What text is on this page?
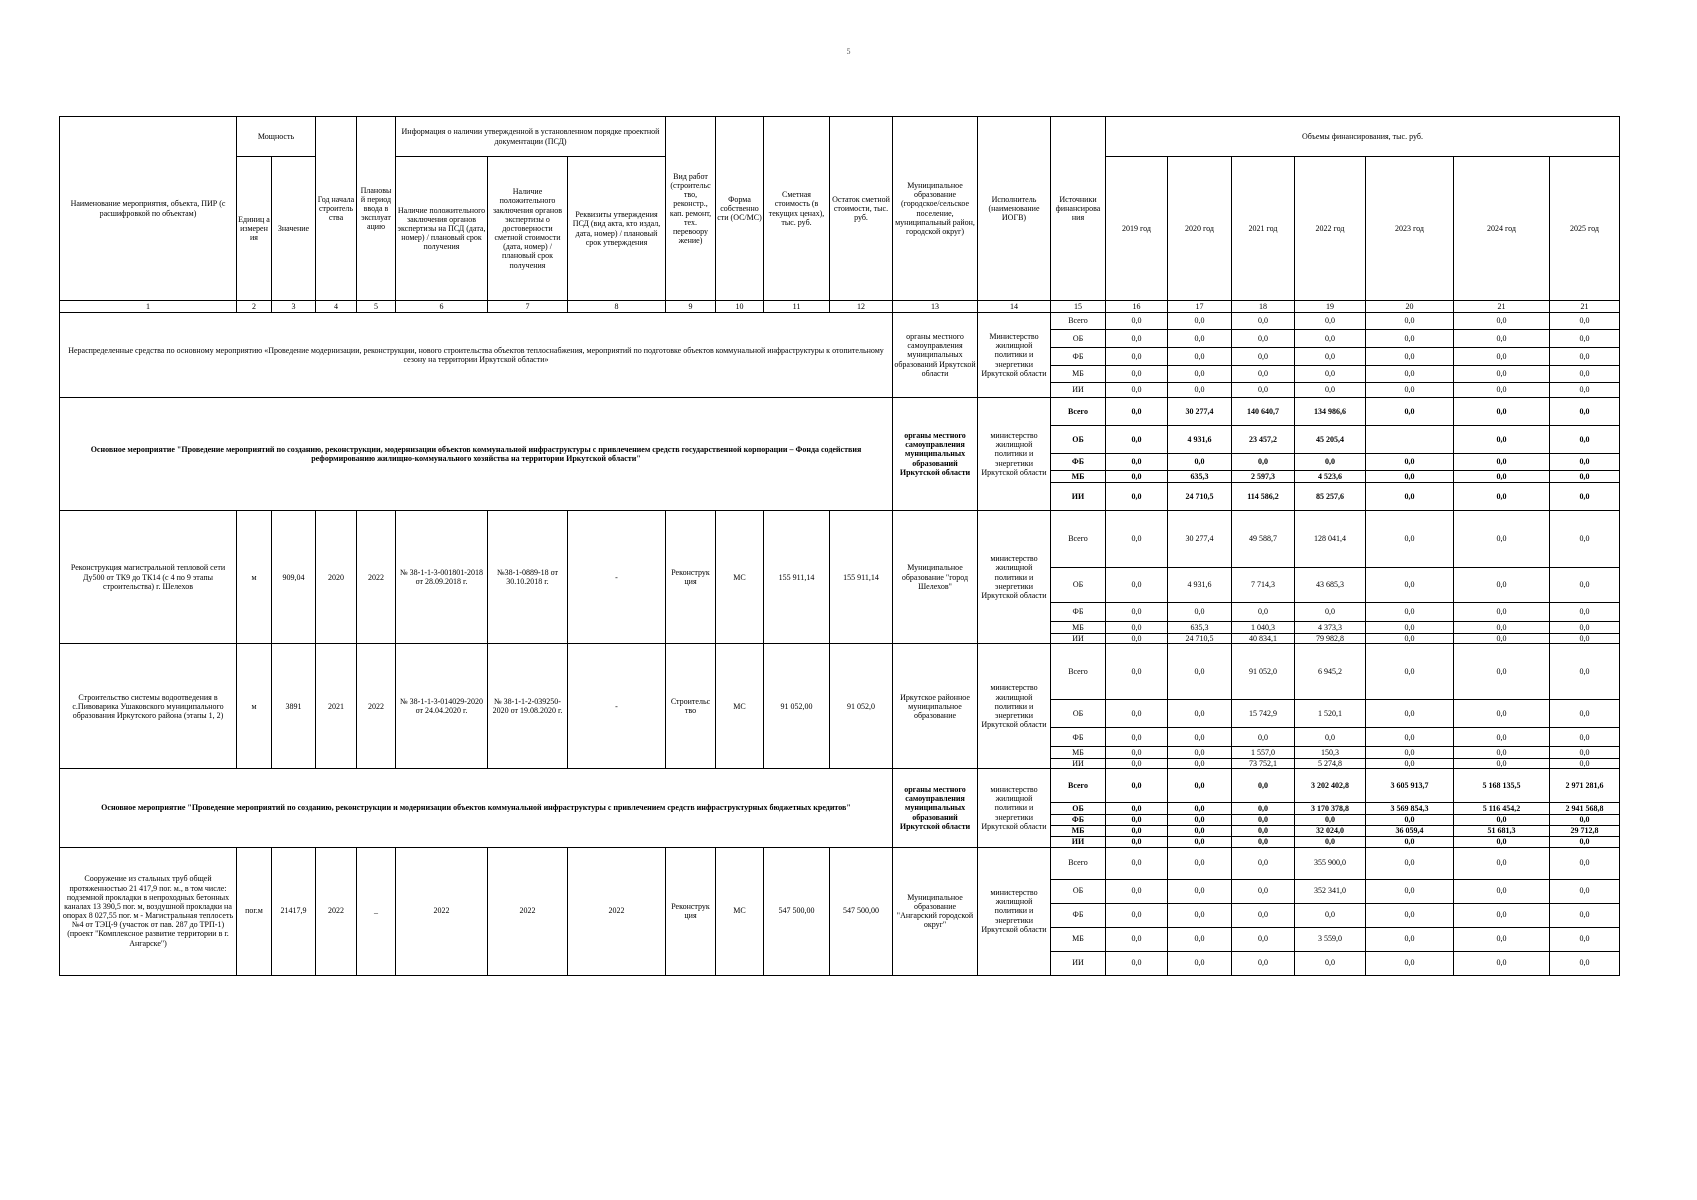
5
Наименование мероприятия, объекта, ПИР (с расшифровкой по объектам)	Мощность		Год начала строитель ства	Плановы й период ввода в эксплуат ацию	Информация о наличии утвержденной в установленном порядке проектной документации (ПСД)			Вид работ (строительс тво, реконстр., кап. ремонт, тех. перевоору жение)	Форма собственно сти (ОС/МС)	Сметная стоимость (в текущих ценах), тыс. руб.	Остаток сметной стоимости, тыс. руб.	Муниципальное образование (городское/сельское поселение, муниципальный район, городской округ)	Исполнитель (наименование ИОГВ)	Источники финансирова ния	Объемы финансирования, тыс. руб.						
	Единиц а измерен ия	Значение			Наличие положительного заключения органов экспертизы на ПСД (дата, номер) / плановый срок получения	Наличие положительного заключения органов экспертизы о достоверности сметной стоимости (дата, номер) / плановый срок получения	Реквизиты утверждения ПСД (вид акта, кто издал, дата, номер) / плановый срок утверждения								2019 год	2020 год	2021 год	2022 год	2023 год	2024 год	2025 год
1	2	3	4	5	6	7	8	9	10	11	12	13	14	15	16	17	18	19	20	21	21
Нераспределенные средства по основному мероприятию «Проведение модернизации, реконструкции, нового строительства объектов теплоснабжения, мероприятий по подготовке объектов коммунальной инфраструктуры к отопительному сезону на территории Иркутской области»												органы местного самоуправления муниципальных образований Иркутской области	Министерство жилищной политики и энергетики Иркутской области	Всего	0,0	0,0	0,0	0,0	0,0	0,0	0,0
														ОБ	0,0	0,0	0,0	0,0	0,0	0,0	0,0
														ФБ	0,0	0,0	0,0	0,0	0,0	0,0	0,0
														МБ	0,0	0,0	0,0	0,0	0,0	0,0	0,0
														ИИ	0,0	0,0	0,0	0,0	0,0	0,0	0,0
Основное мероприятие "Проведение мероприятий по созданию, реконструкции, модернизации объектов коммунальной инфраструктуры с привлечением средств государственной корпорации – Фонда содействия реформированию жилищно-коммунального хозяйства на территории Иркутской области"												органы местного самоуправления муниципальных образований Иркутской области	министерство жилищной политики и энергетики Иркутской области	Всего	0,0	30 277,4	140 640,7	134 986,6	0,0	0,0	0,0
														ОБ	0,0	4 931,6	23 457,2	45 205,4		0,0	0,0
														ФБ	0,0	0,0	0,0	0,0	0,0	0,0	0,0
														МБ	0,0	635,3	2 597,3	4 523,6	0,0	0,0	0,0
														ИИ	0,0	24 710,5	114 586,2	85 257,6	0,0	0,0	0,0
Реконструкция магистральной тепловой сети Ду500 от ТК9 до ТК14 (с 4 по 9 этапы строительства) г. Шелехов	м	909,04	2020	2022	№ 38-1-1-3-001801-2018 от 28.09.2018 г.	№38-1-0889-18 от 30.10.2018 г.	-	Реконструк ция	МС	155 911,14	155 911,14	Муниципальное образование "город Шелехов"	министерство жилищной политики и энергетики Иркутской области	Всего	0,0	30 277,4	49 588,7	128 041,4	0,0	0,0	0,0
														ОБ	0,0	4 931,6	7 714,3	43 685,3	0,0	0,0	0,0
														ФБ	0,0	0,0	0,0	0,0	0,0	0,0	0,0
														МБ	0,0	635,3	1 040,3	4 373,3	0,0	0,0	0,0
														ИИ	0,0	24 710,5	40 834,1	79 982,8	0,0	0,0	0,0
Строительство системы водоотведения в с.Пивоварика Ушаковского муниципального образования Иркутского района (этапы 1, 2)	м	3891	2021	2022	№ 38-1-1-3-014029-2020 от 24.04.2020 г.	№ 38-1-1-2-039250-2020 от 19.08.2020 г.	-	Строительс тво	МС	91 052,00	91 052,0	Иркутское районное муниципальное образование	министерство жилищной политики и энергетики Иркутской области	Всего	0,0	0,0	91 052,0	6 945,2	0,0	0,0	0,0
														ОБ	0,0	0,0	15 742,9	1 520,1	0,0	0,0	0,0
														ФБ	0,0	0,0	0,0	0,0	0,0	0,0	0,0
														МБ	0,0	0,0	1 557,0	150,3	0,0	0,0	0,0
														ИИ	0,0	0,0	73 752,1	5 274,8	0,0	0,0	0,0
Основное мероприятие "Проведение мероприятий по созданию, реконструкции и модернизации объектов коммунальной инфраструктуры с привлечением средств инфраструктурных бюджетных кредитов"												органы местного самоуправления муниципальных образований Иркутской области	министерство жилищной политики и энергетики Иркутской области	Всего	0,0	0,0	0,0	3 202 402,8	3 605 913,7	5 168 135,5	2 971 281,6
														ОБ	0,0	0,0	0,0	3 170 378,8	3 569 854,3	5 116 454,2	2 941 568,8
														ФБ	0,0	0,0	0,0	0,0	0,0	0,0	0,0
														МБ	0,0	0,0	0,0	32 024,0	36 059,4	51 681,3	29 712,8
														ИИ	0,0	0,0	0,0	0,0	0,0	0,0	0,0
Сооружение из стальных труб общей протяженностью 21 417,9 пог. м., в том числе: подземной прокладки в непроходных бетонных каналах 13 390,5 пог. м, воздушной прокладки на опорах 8 027,55 пог. м - Магистральная теплосеть №4 от ТЭЦ-9 (участок от пав. 287 до ТРП-1) (проект "Комплексное развитие территории в г. Ангарске")	пог.м	21417,9	2022	_	2022	2022	2022	Реконструк ция	МС	547 500,00	547 500,00	Муниципальное образование "Ангарский городской округ"	министерство жилищной политики и энергетики Иркутской области	Всего	0,0	0,0	0,0	355 900,0	0,0	0,0	0,0
														ОБ	0,0	0,0	0,0	352 341,0	0,0	0,0	0,0
														ФБ	0,0	0,0	0,0	0,0	0,0	0,0	0,0
														МБ	0,0	0,0	0,0	3 559,0	0,0	0,0	0,0
														ИИ	0,0	0,0	0,0	0,0	0,0	0,0	0,0
